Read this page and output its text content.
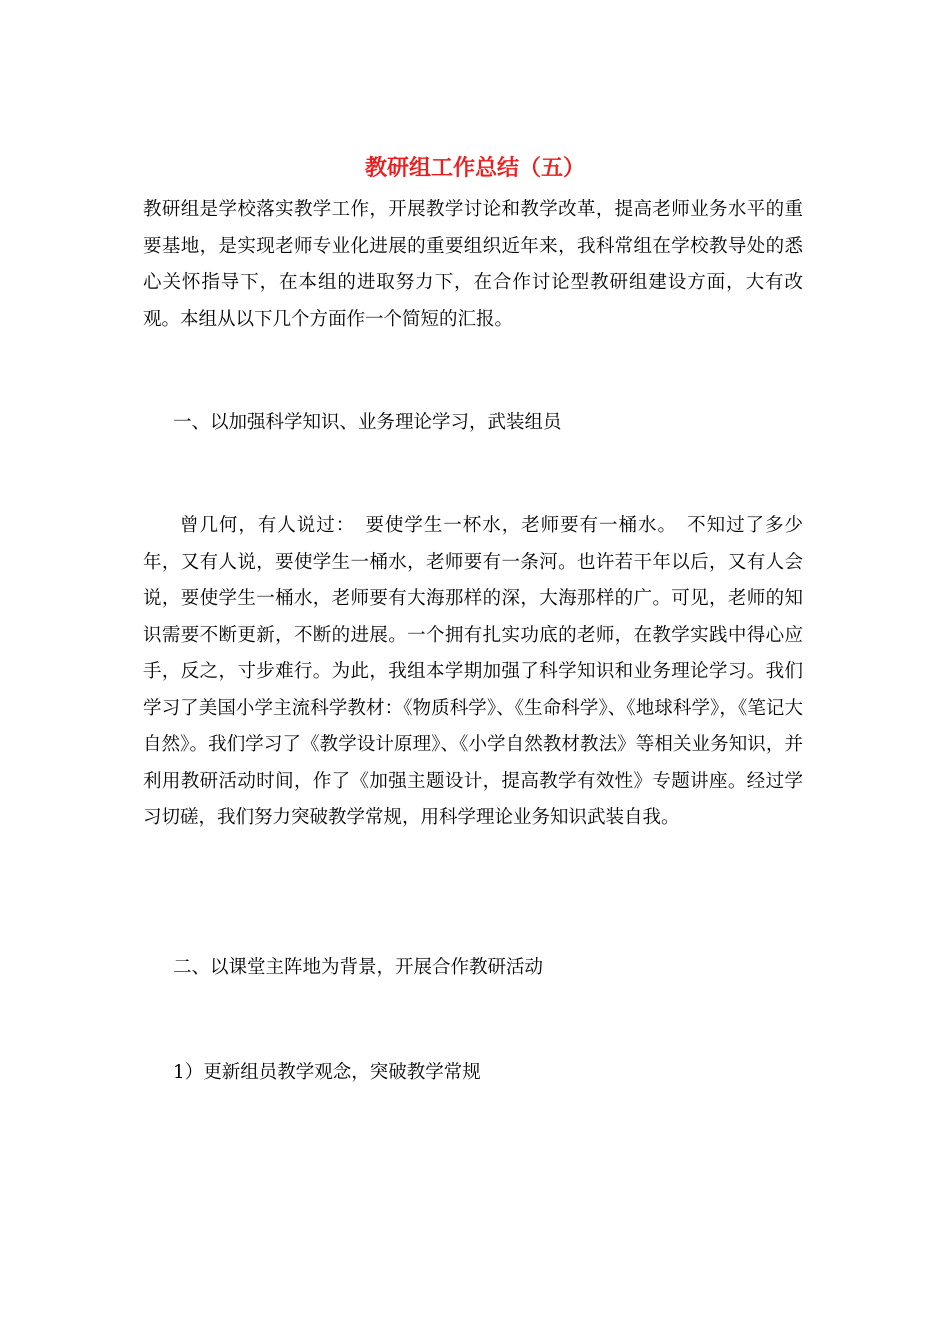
教研组工作总结（五）

教研组是学校落实教学工作，开展教学讨论和教学改革，提高老师业务水平的重要基地，是实现老师专业化进展的重要组织近年来，我科常组在学校教导处的悉心关怀指导下，在本组的进取努力下，在合作讨论型教研组建设方面，大有改观。本组从以下几个方面作一个简短的汇报。

一、以加强科学知识、业务理论学习，武装组员

曾几何，有人说过：　要使学生一杯水，老师要有一桶水。　不知过了多少年，又有人说，要使学生一桶水，老师要有一条河。也许若干年以后，又有人会说，要使学生一桶水，老师要有大海那样的深，大海那样的广。可见，老师的知识需要不断更新，不断的进展。一个拥有扎实功底的老师，在教学实践中得心应手，反之，寸步难行。为此，我组本学期加强了科学知识和业务理论学习。我们学习了美国小学主流科学教材：《物质科学》、《生命科学》、《地球科学》，《笔记大自然》。我们学习了《教学设计原理》、《小学自然教材教法》等相关业务知识，并利用教研活动时间，作了《加强主题设计，提高教学有效性》专题讲座。经过学习切磋，我们努力突破教学常规，用科学理论业务知识武装自我。

二、以课堂主阵地为背景，开展合作教研活动

1）更新组员教学观念，突破教学常规
